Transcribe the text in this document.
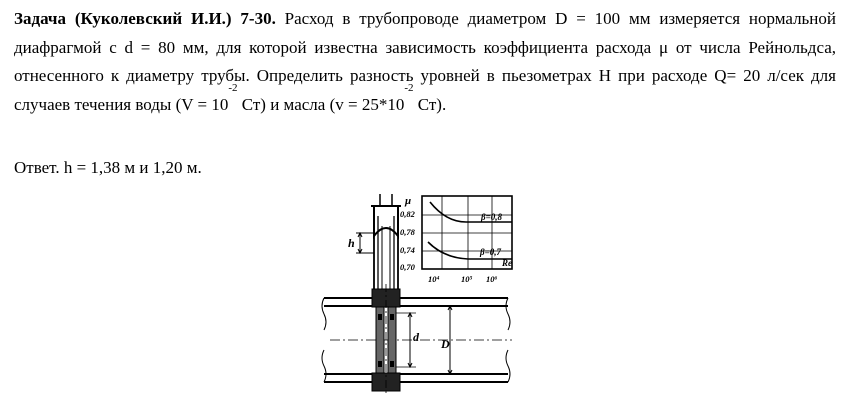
Задача (Куколевский И.И.) 7-30. Расход в трубопроводе диаметром D = 100 мм измеряется нормальной диафрагмой с d = 80 мм, для которой известна зависимость коэффициента расхода μ от числа Рейнольдса, отнесенного к диаметру трубы. Определить разность уровней в пьезометрах H при расходе Q= 20 л/сек для случаев течения воды ($V = 10^{-2}$ Ст) и масла ($v = 25*10^{-2}$ Ст).
Ответ. h = 1,38 м и 1,20 м.
μ
0,82
0,78
0,74
0,70
10⁴	10⁵ 10⁶
β=0,8
β=0,7
Re
h
d D
